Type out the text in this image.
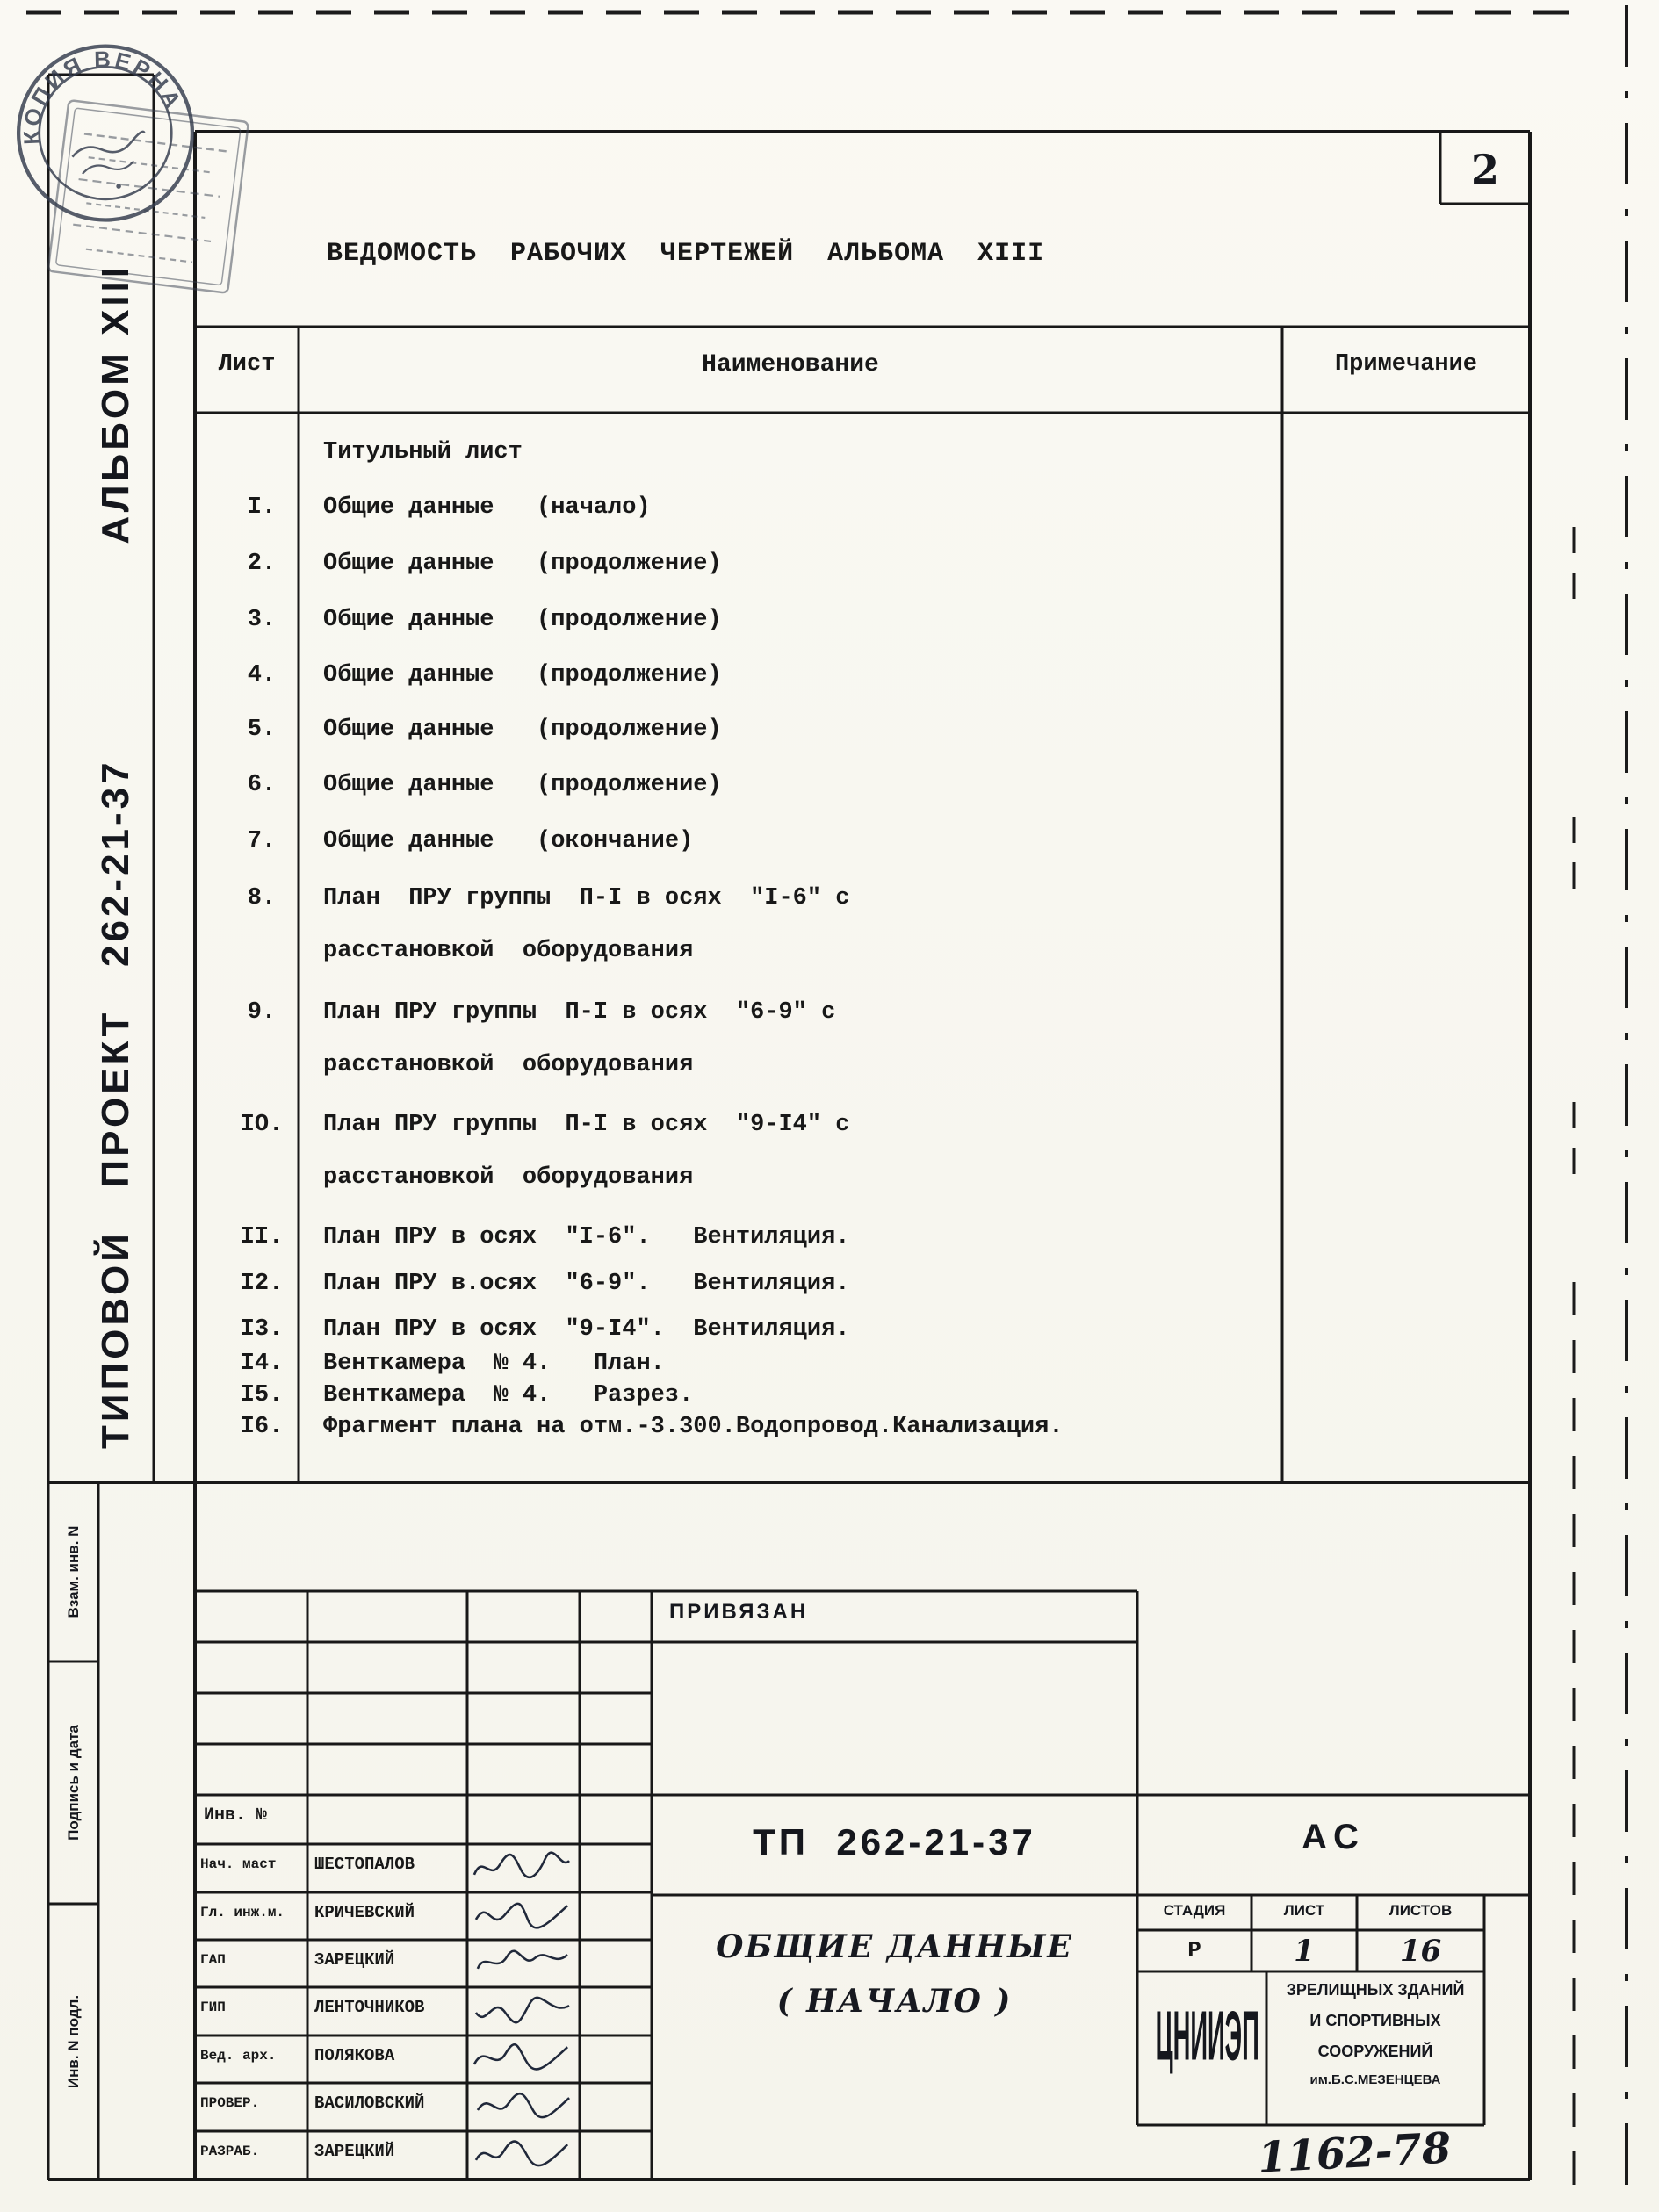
КОПИЯ ВЕРНА
2
ВЕДОМОСТЬ  РАБОЧИХ  ЧЕРТЕЖЕЙ  АЛЬБОМА  XIII
Лист	Наименование	Примечание
Титульный лист
I.	Общие данные   (начало)
2.	Общие данные   (продолжение)
3.	Общие данные   (продолжение)
4.	Общие данные   (продолжение)
5.	Общие данные   (продолжение)
6.	Общие данные   (продолжение)
7.	Общие данные   (окончание)
8.	План  ПРУ группы  П-I в осях  "I-6" с
расстановкой  оборудования
9.	План ПРУ группы  П-I в осях  "6-9" с
расстановкой  оборудования
IO.	План ПРУ группы  П-I в осях  "9-I4" с
расстановкой  оборудования
II.	План ПРУ в осях  "I-6".   Вентиляция.
I2.	План ПРУ в.осях  "6-9".   Вентиляция.
I3.	План ПРУ в осях  "9-I4".  Вентиляция.
I4.	Венткамера  № 4.   План.
I5.	Венткамера  № 4.   Разрез.
I6.	Фрагмент плана на отм.-3.300.Водопровод.Канализация.
ТИПОВОЙ   ПРОЕКТ   262-21-37
АЛЬБОМ XIII
Взам. инв. N
Подпись и дата
Инв. N подл.
ПРИВЯЗАН
Инв. №
Нач. маст	ШЕСТОПАЛОВ
Гл. инж.м.	КРИЧЕВСКИЙ
ГАП	ЗАРЕЦКИЙ
ГИП	ЛЕНТОЧНИКОВ
Вед. арх.	ПОЛЯКОВА
ПРОВЕР.	ВАСИЛОВСКИЙ
РАЗРАБ.	ЗАРЕЦКИЙ
ТП  262-21-37
ОБЩИЕ ДАННЫЕ
( НАЧАЛО )
АС
СТАДИЯ	ЛИСТ	ЛИСТОВ
Р	1	16
ЦНИИЭП
ЗРЕЛИЩНЫХ ЗДАНИЙ
И СПОРТИВНЫХ
СООРУЖЕНИЙ
им.Б.С.МЕЗЕНЦЕВА
1162-78
